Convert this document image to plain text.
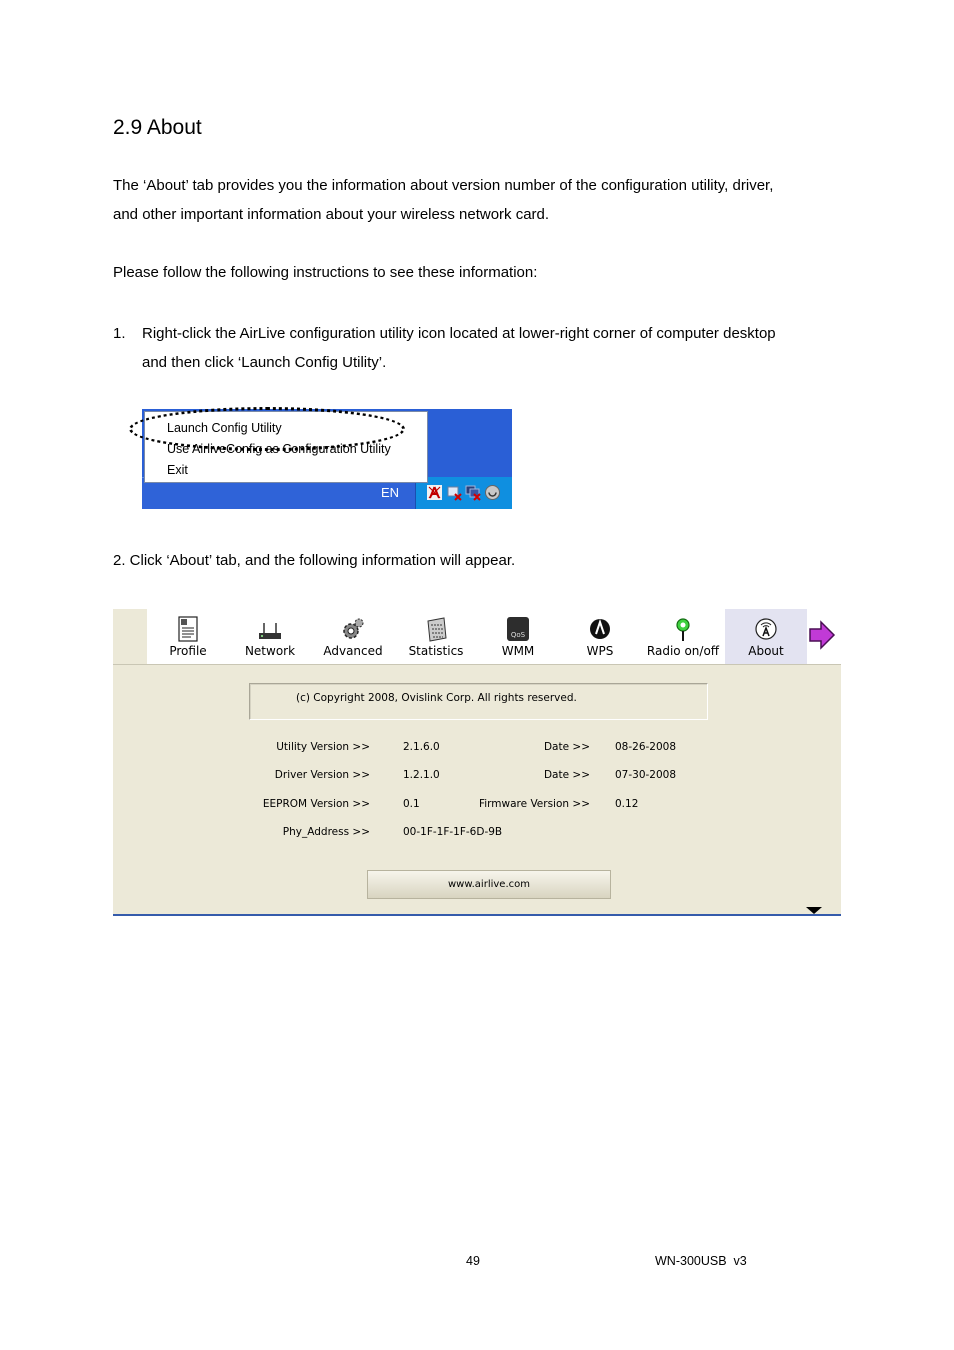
2.9 About
The ‘About’ tab provides you the information about version number of the configuration utility, driver,
and other important information about your wireless network card.
Please follow the following instructions to see these information:
1. Right-click the AirLive configuration utility icon located at lower-right corner of computer desktop
and then click ‘Launch Config Utility’.
EN
Launch Config Utility
Use AirliveConfig as Configuration Utility
Exit
2. Click ‘About’ tab, and the following information will appear.
Profile	Network	Advanced	Statistics
QoS
WMM	WPS	Radio on/off	About
(c) Copyright 2008, Ovislink Corp. All rights reserved.
Utility Version >>	2.1.6.0	Date >> 08-26-2008
Driver Version >>	1.2.1.0	Date >> 07-30-2008
EEPROM Version >>	0.1	Firmware Version >> 0.12
Phy_Address >>	00-1F-1F-1F-6D-9B
www.airlive.com
49	WN-300USB  v3
